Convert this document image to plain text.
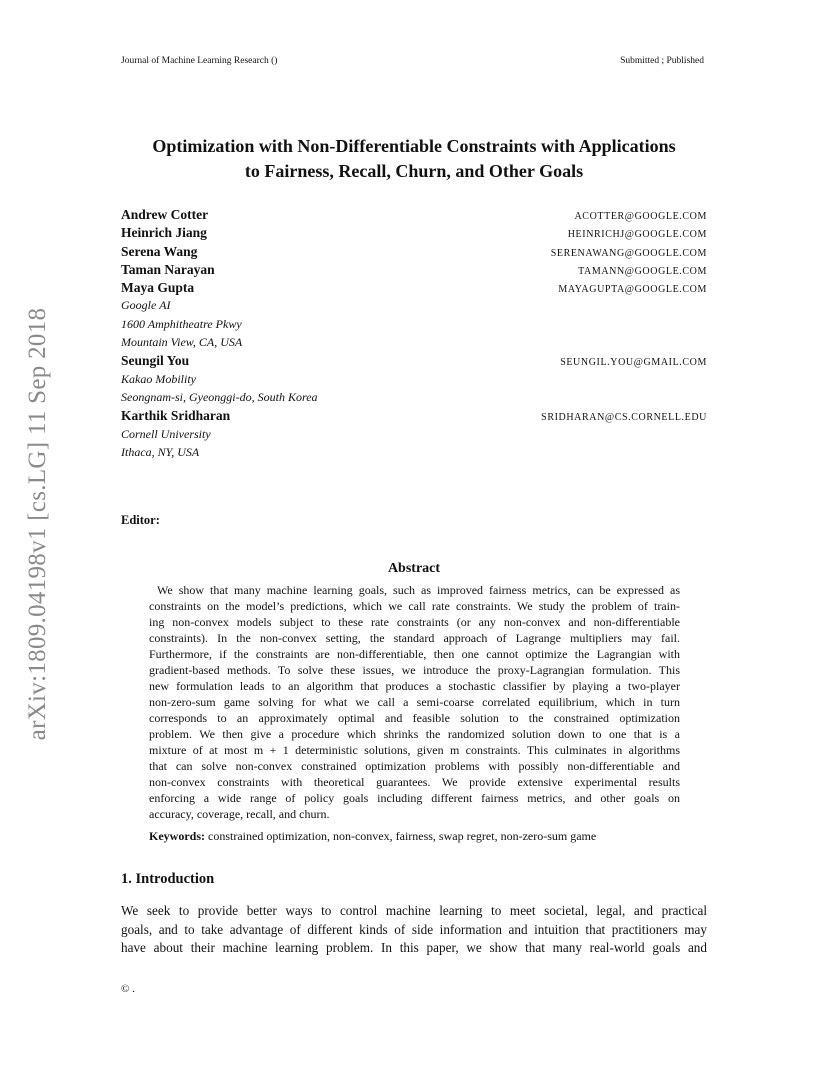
Journal of Machine Learning Research ()	Submitted ; Published
arXiv:1809.04198v1 [cs.LG] 11 Sep 2018
Optimization with Non-Differentiable Constraints with Applications
to Fairness, Recall, Churn, and Other Goals
Andrew Cotter	ACOTTER@GOOGLE.COM
Heinrich Jiang	HEINRICHJ@GOOGLE.COM
Serena Wang	SERENAWANG@GOOGLE.COM
Taman Narayan	TAMANN@GOOGLE.COM
Maya Gupta	MAYAGUPTA@GOOGLE.COM
Google AI
1600 Amphitheatre Pkwy
Mountain View, CA, USA
Seungil You	SEUNGIL.YOU@GMAIL.COM
Kakao Mobility
Seongnam-si, Gyeonggi-do, South Korea
Karthik Sridharan	SRIDHARAN@CS.CORNELL.EDU
Cornell University
Ithaca, NY, USA
Editor:
Abstract
We show that many machine learning goals, such as improved fairness metrics, can be expressed as
constraints on the model’s predictions, which we call rate constraints. We study the problem of train-
ing non-convex models subject to these rate constraints (or any non-convex and non-differentiable
constraints). In the non-convex setting, the standard approach of Lagrange multipliers may fail.
Furthermore, if the constraints are non-differentiable, then one cannot optimize the Lagrangian with
gradient-based methods. To solve these issues, we introduce the proxy-Lagrangian formulation. This
new formulation leads to an algorithm that produces a stochastic classifier by playing a two-player
non-zero-sum game solving for what we call a semi-coarse correlated equilibrium, which in turn
corresponds to an approximately optimal and feasible solution to the constrained optimization
problem. We then give a procedure which shrinks the randomized solution down to one that is a
mixture of at most m + 1 deterministic solutions, given m constraints. This culminates in algorithms
that can solve non-convex constrained optimization problems with possibly non-differentiable and
non-convex constraints with theoretical guarantees. We provide extensive experimental results
enforcing a wide range of policy goals including different fairness metrics, and other goals on
accuracy, coverage, recall, and churn.
Keywords: constrained optimization, non-convex, fairness, swap regret, non-zero-sum game
1. Introduction
We seek to provide better ways to control machine learning to meet societal, legal, and practical
goals, and to take advantage of different kinds of side information and intuition that practitioners may
have about their machine learning problem. In this paper, we show that many real-world goals and
© .
